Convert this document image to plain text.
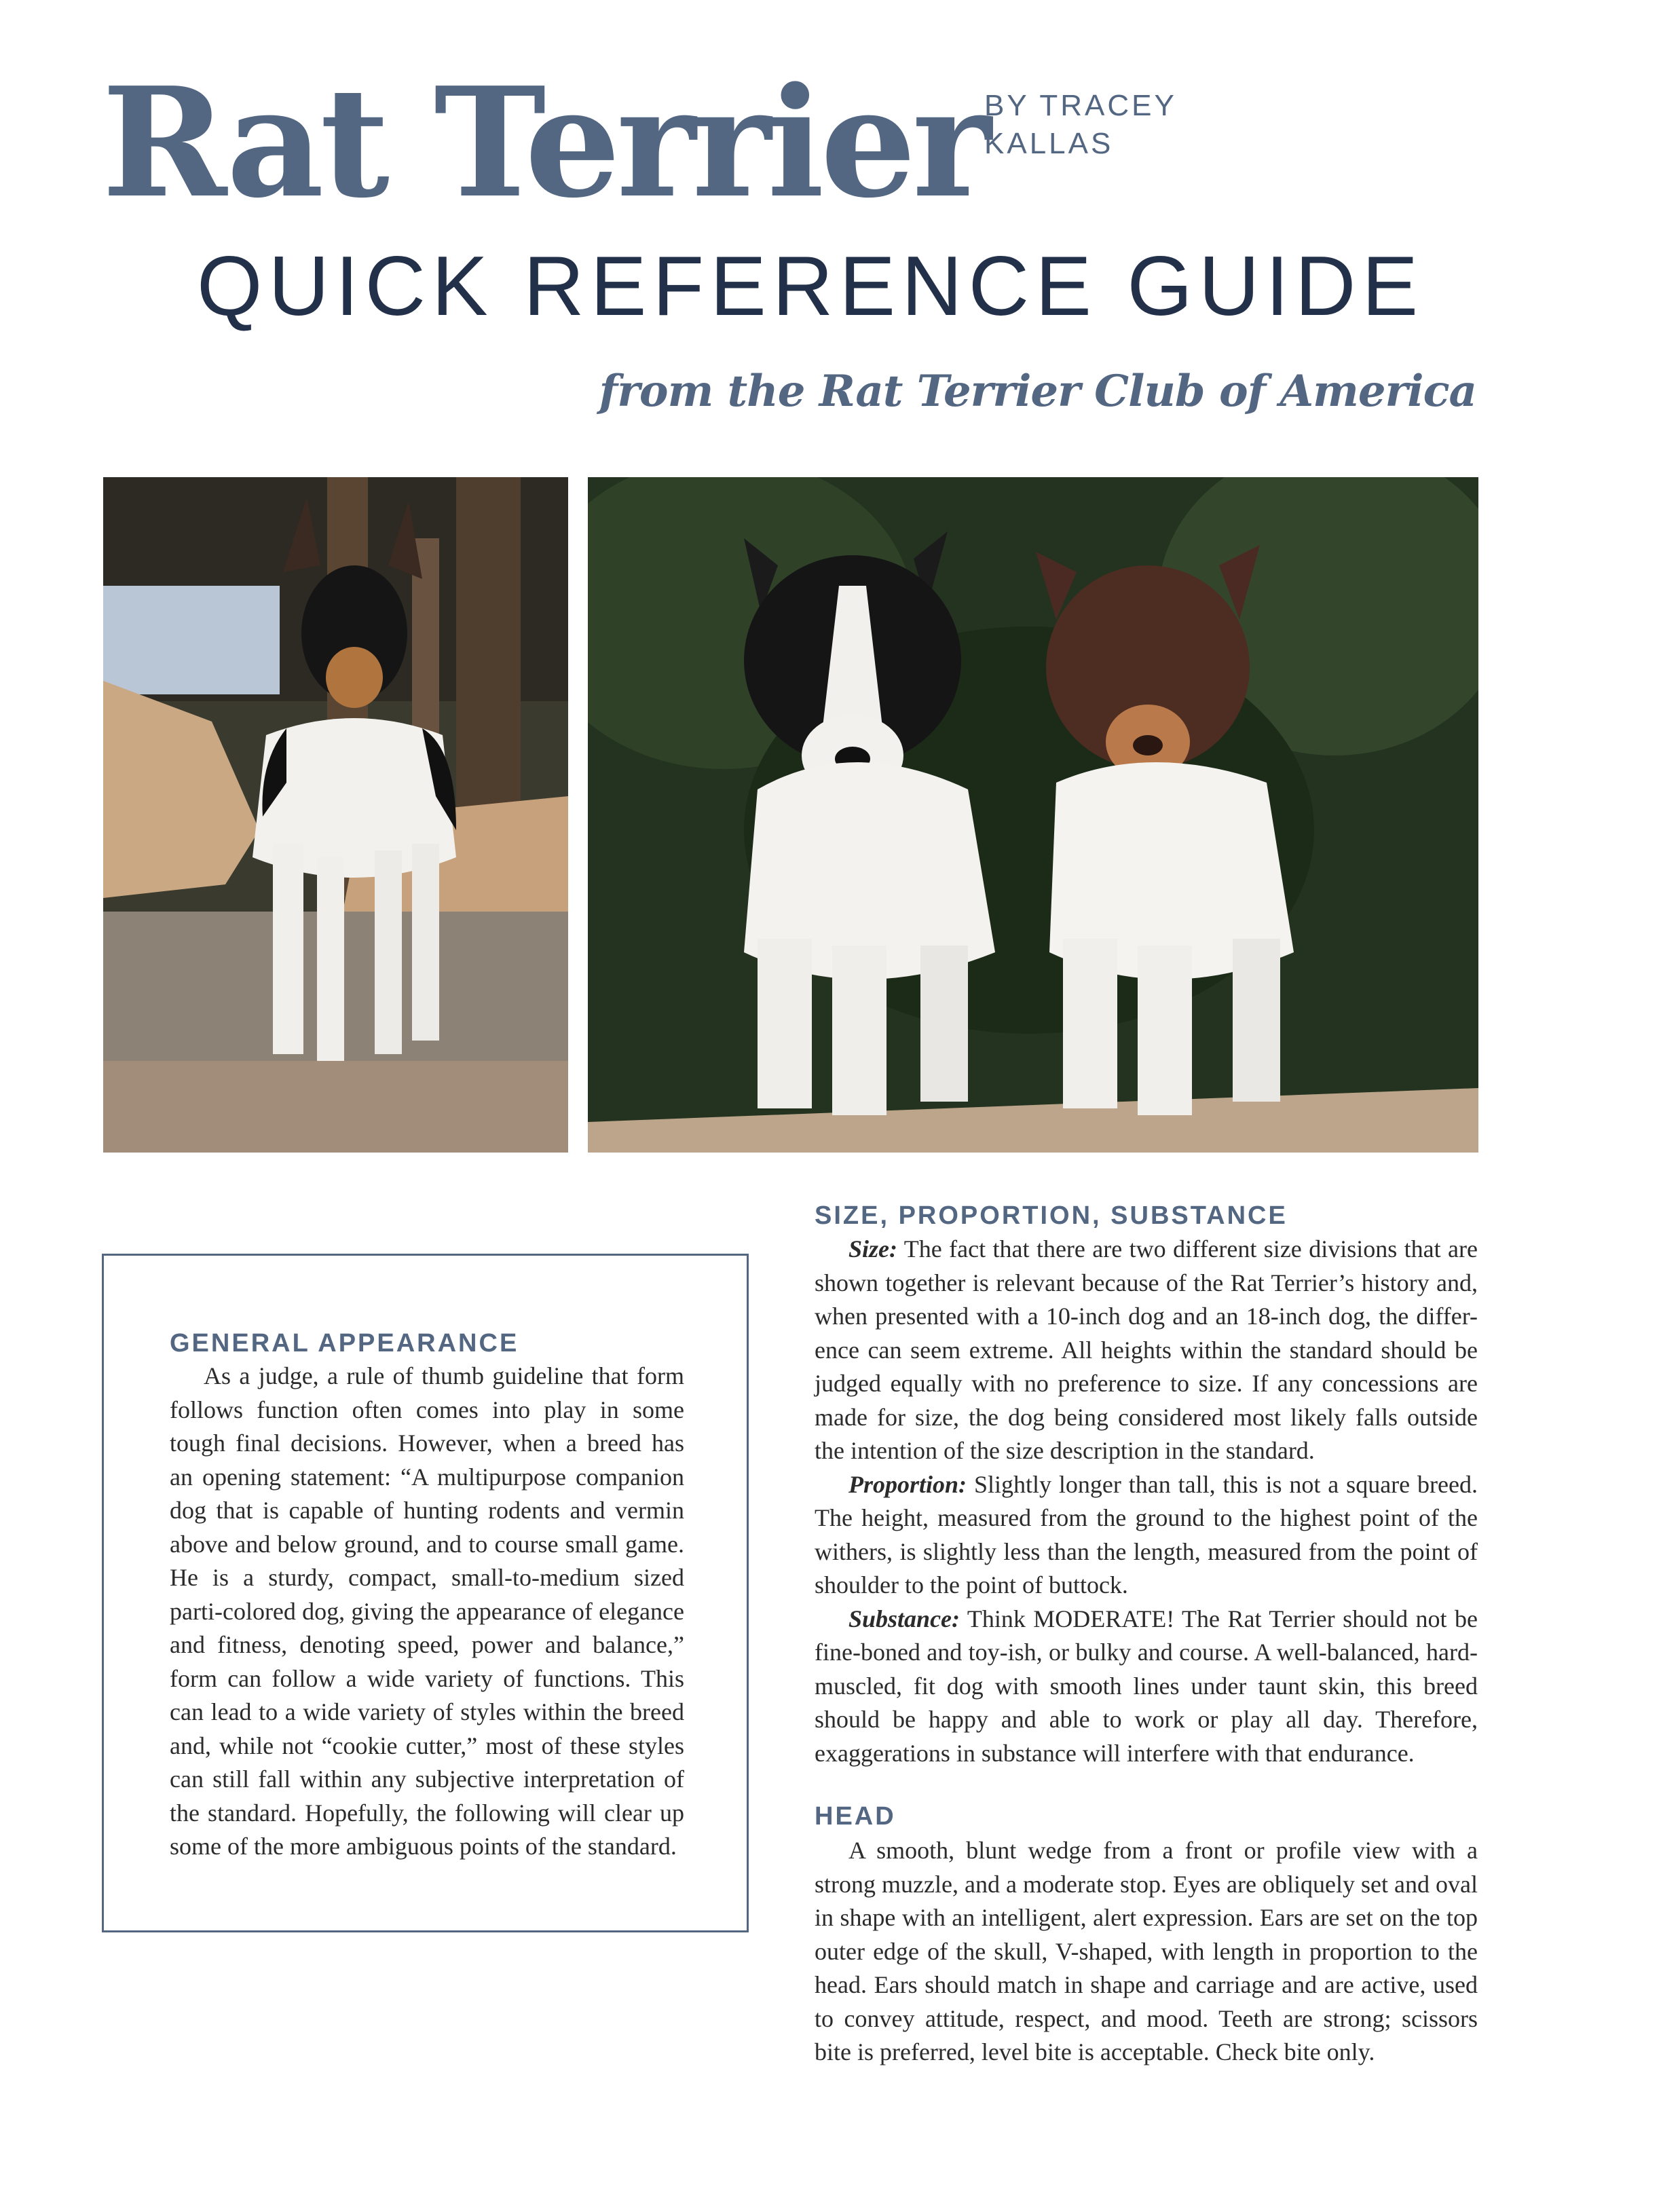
Rat Terrier
BY TRACEY
KALLAS
QUICK REFERENCE GUIDE
from the Rat Terrier Club of America
GENERAL APPEARANCE

As a judge, a rule of thumb guideline that form follows function often comes into play in some tough final decisions. However, when a breed has an opening statement: “A multipurpose companion dog that is capable of hunting rodents and vermin above and below ground, and to course small game. He is a sturdy, compact, small-to-medium sized parti-colored dog, giving the appearance of elegance and fitness, denoting speed, power and balance,” form can follow a wide variety of functions. This can lead to a wide variety of styles within the breed and, while not “cookie cutter,” most of these styles can still fall within any subjective interpretation of the standard. Hopefully, the following will clear up some of the more ambiguous points of the standard.

SIZE, PROPORTION, SUBSTANCE

Size: The fact that there are two different size divisions that are shown together is relevant because of the Rat Terrier’s history and, when presented with a 10-inch dog and an 18-inch dog, the differ-ence can seem extreme. All heights within the standard should be judged equally with no preference to size. If any concessions are made for size, the dog being considered most likely falls outside the intention of the size description in the standard.

Proportion: Slightly longer than tall, this is not a square breed. The height, measured from the ground to the highest point of the withers, is slightly less than the length, measured from the point of shoulder to the point of buttock.

Substance: Think MODERATE! The Rat Terrier should not be fine-boned and toy-ish, or bulky and course. A well-balanced, hard-muscled, fit dog with smooth lines under taunt skin, this breed should be happy and able to work or play all day. Therefore, exaggerations in substance will interfere with that endurance.

HEAD

A smooth, blunt wedge from a front or profile view with a strong muzzle, and a moderate stop. Eyes are obliquely set and oval in shape with an intelligent, alert expression. Ears are set on the top outer edge of the skull, V-shaped, with length in proportion to the head. Ears should match in shape and carriage and are active, used to convey attitude, respect, and mood. Teeth are strong; scissors bite is preferred, level bite is acceptable. Check bite only.
